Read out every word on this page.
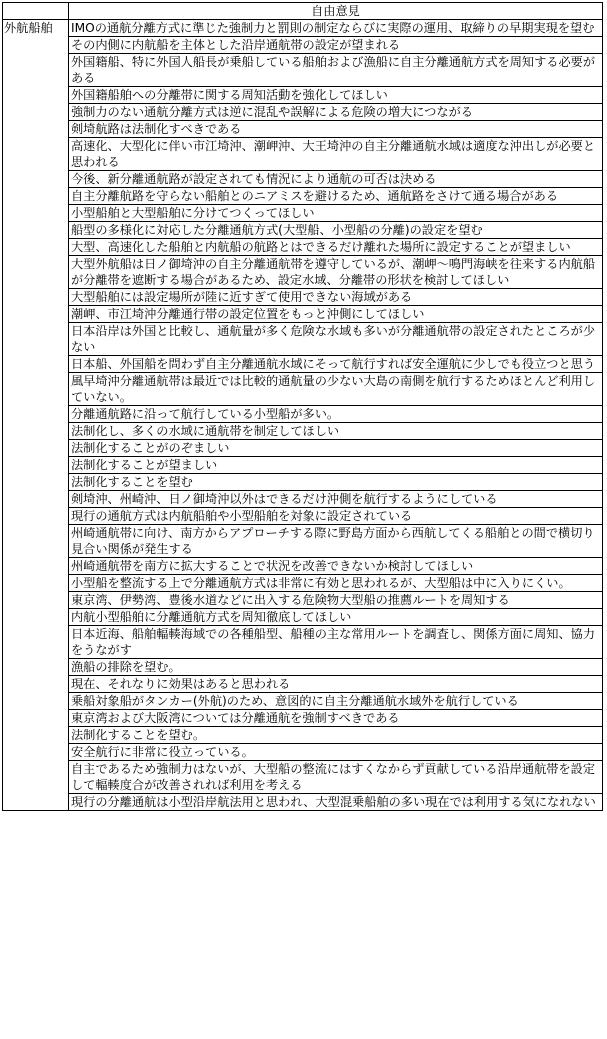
	自由意見
外航船舶	IMOの通航分離方式に準じた強制力と罰則の制定ならびに実際の運用、取締りの早期実現を望む
	その内側に内航船を主体とした沿岸通航帯の設定が望まれる
	外国籍船、特に外国人船長が乗船している船舶および漁船に自主分離通航方式を周知する必要がある
	外国籍船舶への分離帯に関する周知活動を強化してほしい
	強制力のない通航分離方式は逆に混乱や誤解による危険の増大につながる
	剣埼航路は法制化すべきである
	高速化、大型化に伴い市江埼沖、潮岬沖、大王埼沖の自主分離通航水域は適度な沖出しが必要と思われる
	今後、新分離通航路が設定されても情況により通航の可否は決める
	自主分離航路を守らない船舶とのニアミスを避けるため、通航路をさけて通る場合がある
	小型船舶と大型船舶に分けてつくってほしい
	船型の多様化に対応した分離通航方式(大型船、小型船の分離)の設定を望む
	大型、高速化した船舶と内航船の航路とはできるだけ離れた場所に設定することが望ましい
	大型外航船は日ノ御埼沖の自主分離通航帯を遵守しているが、潮岬～鳴門海峡を往来する内航船が分離帯を遮断する場合があるため、設定水域、分離帯の形状を検討してほしい
	大型船舶には設定場所が陸に近すぎて使用できない海域がある
	潮岬、市江埼沖分離通行帯の設定位置をもっと沖側にしてほしい
	日本沿岸は外国と比較し、通航量が多く危険な水域も多いが分離通航帯の設定されたところが少ない
	日本船、外国船を問わず自主分離通航水域にそって航行すれば安全運航に少しでも役立つと思う
	風早埼沖分離通航帯は最近では比較的通航量の少ない大島の南側を航行するためほとんど利用していない。
	分離通航路に沿って航行している小型船が多い。
	法制化し、多くの水域に通航帯を制定してほしい
	法制化することがのぞましい
	法制化することが望ましい
	法制化することを望む
	剣埼沖、州崎沖、日ノ御埼沖以外はできるだけ沖側を航行するようにしている
	現行の通航方式は内航船舶や小型船舶を対象に設定されている
	州崎通航帯に向け、南方からアプローチする際に野島方面から西航してくる船舶との間で横切り見合い関係が発生する
	州崎通航帯を南方に拡大することで状況を改善できないか検討してほしい
	小型船を整流する上で分離通航方式は非常に有効と思われるが、大型船は中に入りにくい。
	東京湾、伊勢湾、豊後水道などに出入する危険物大型船の推薦ルートを周知する
	内航小型船舶に分離通航方式を周知徹底してほしい
	日本近海、船舶輻輳海域での各種船型、船種の主な常用ルートを調査し、関係方面に周知、協力をうながす
	漁船の排除を望む。
	現在、それなりに効果はあると思われる
	乗船対象船がタンカー(外航)のため、意図的に自主分離通航水域外を航行している
	東京湾および大阪湾については分離通航を強制すべきである
	法制化することを望む。
	安全航行に非常に役立っている。
	自主であるため強制力はないが、大型船の整流にはすくなからず貢献している沿岸通航帯を設定して輻輳度合が改善されれば利用を考える
	現行の分離通航は小型沿岸航法用と思われ、大型混乗船舶の多い現在では利用する気になれない
